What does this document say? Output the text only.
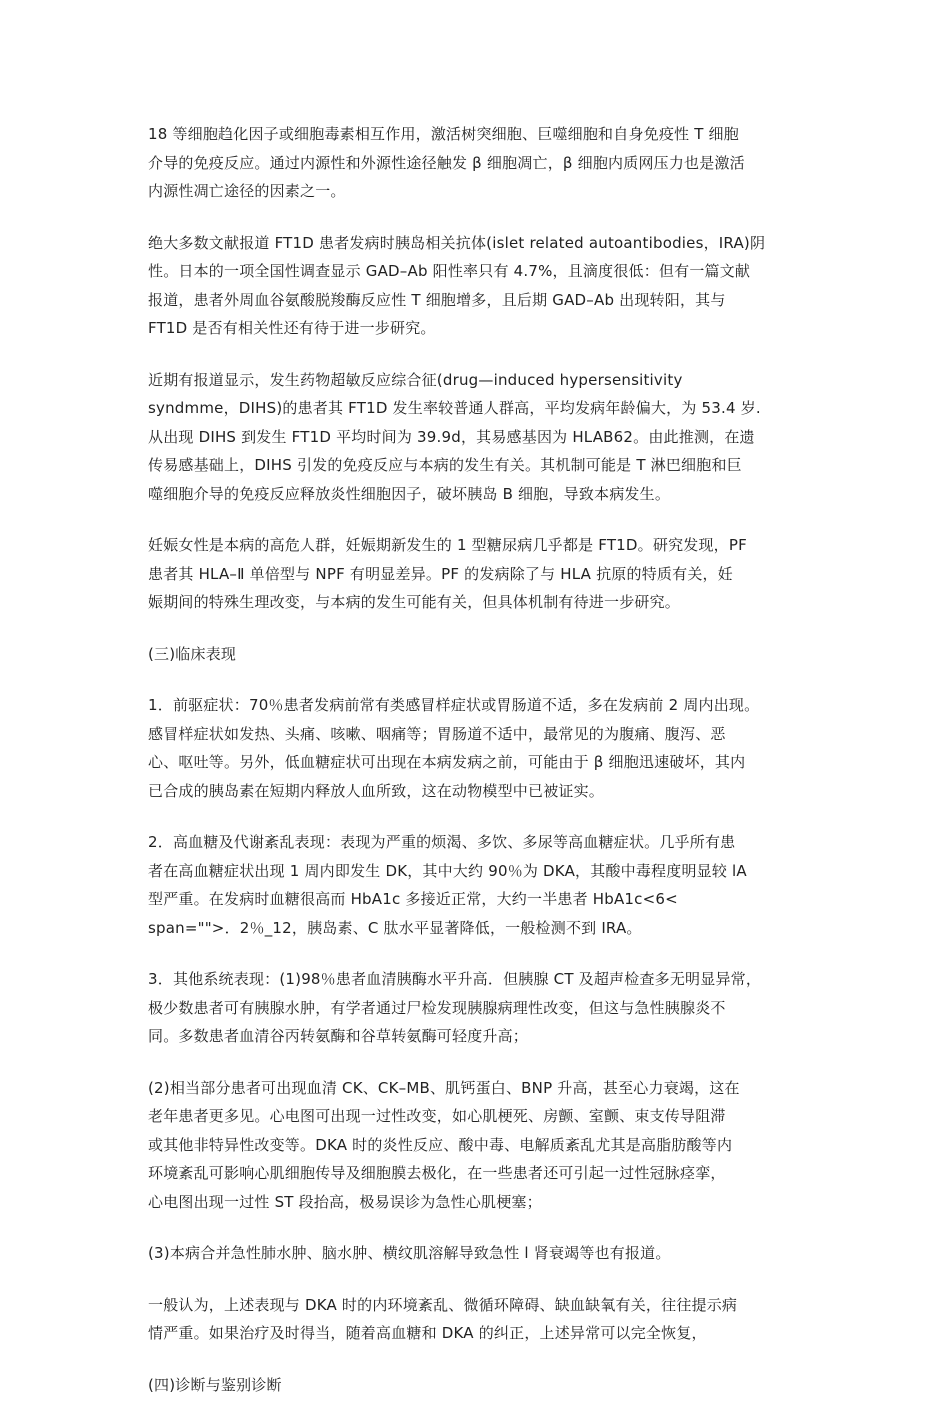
18 等细胞趋化因子或细胞毒素相互作用，激活树突细胞、巨噬细胞和自身免疫性 T 细胞
介导的免疫反应。通过内源性和外源性途径触发 β 细胞凋亡，β 细胞内质网压力也是激活
内源性凋亡途径的因素之一。
绝大多数文献报道 FT1D 患者发病时胰岛相关抗体(islet related autoantibodies，IRA)阴
性。日本的一项全国性调查显示 GAD–Ab 阳性率只有 4.7%，且滴度很低：但有一篇文献
报道，患者外周血谷氨酸脱羧酶反应性 T 细胞增多，且后期 GAD–Ab 出现转阳，其与
FT1D 是否有相关性还有待于进一步研究。
近期有报道显示，发生药物超敏反应综合征(drug—induced hypersensitivity
syndmme，DIHS)的患者其 FT1D 发生率较普通人群高，平均发病年龄偏大，为 53.4 岁.
从出现 DIHS 到发生 FT1D 平均时间为 39.9d，其易感基因为 HLAB62。由此推测，在遗
传易感基础上，DIHS 引发的免疫反应与本病的发生有关。其机制可能是 T 淋巴细胞和巨
噬细胞介导的免疫反应释放炎性细胞因子，破坏胰岛 B 细胞，导致本病发生。
妊娠女性是本病的高危人群，妊娠期新发生的 1 型糖尿病几乎都是 FT1D。研究发现，PF
患者其 HLA–Ⅱ 单倍型与 NPF 有明显差异。PF 的发病除了与 HLA 抗原的特质有关，妊
娠期间的特殊生理改变，与本病的发生可能有关，但具体机制有待进一步研究。
(三)临床表现
1．前驱症状：70％患者发病前常有类感冒样症状或胃肠道不适，多在发病前 2 周内出现。
感冒样症状如发热、头痛、咳嗽、咽痛等；胃肠道不适中，最常见的为腹痛、腹泻、恶
心、呕吐等。另外，低血糖症状可出现在本病发病之前，可能由于 β 细胞迅速破坏，其内
已合成的胰岛素在短期内释放人血所致，这在动物模型中已被证实。
2．高血糖及代谢紊乱表现：表现为严重的烦渴、多饮、多尿等高血糖症状。几乎所有患
者在高血糖症状出现 1 周内即发生 DK，其中大约 90％为 DKA，其酸中毒程度明显较 lA
型严重。在发病时血糖很高而 HbA1c 多接近正常，大约一半患者 HbA1c<6<
span="">．2％_12，胰岛素、C 肽水平显著降低，一般检测不到 IRA。
3．其他系统表现：(1)98％患者血清胰酶水平升高．但胰腺 CT 及超声检查多无明显异常，
极少数患者可有胰腺水肿，有学者通过尸检发现胰腺病理性改变，但这与急性胰腺炎不
同。多数患者血清谷丙转氨酶和谷草转氨酶可轻度升高；
(2)相当部分患者可出现血清 CK、CK–MB、肌钙蛋白、BNP 升高，甚至心力衰竭，这在
老年患者更多见。心电图可出现一过性改变，如心肌梗死、房颤、室颤、束支传导阻滞
或其他非特异性改变等。DKA 时的炎性反应、酸中毒、电解质紊乱尤其是高脂肪酸等内
环境紊乱可影响心肌细胞传导及细胞膜去极化，在一些患者还可引起一过性冠脉痉挛，
心电图出现一过性 ST 段抬高，极易误诊为急性心肌梗塞；
(3)本病合并急性肺水肿、脑水肿、横纹肌溶解导致急性 l 肾衰竭等也有报道。
一般认为，上述表现与 DKA 时的内环境紊乱、微循环障碍、缺血缺氧有关，往往提示病
情严重。如果治疗及时得当，随着高血糖和 DKA 的纠正，上述异常可以完全恢复，
(四)诊断与鉴别诊断
